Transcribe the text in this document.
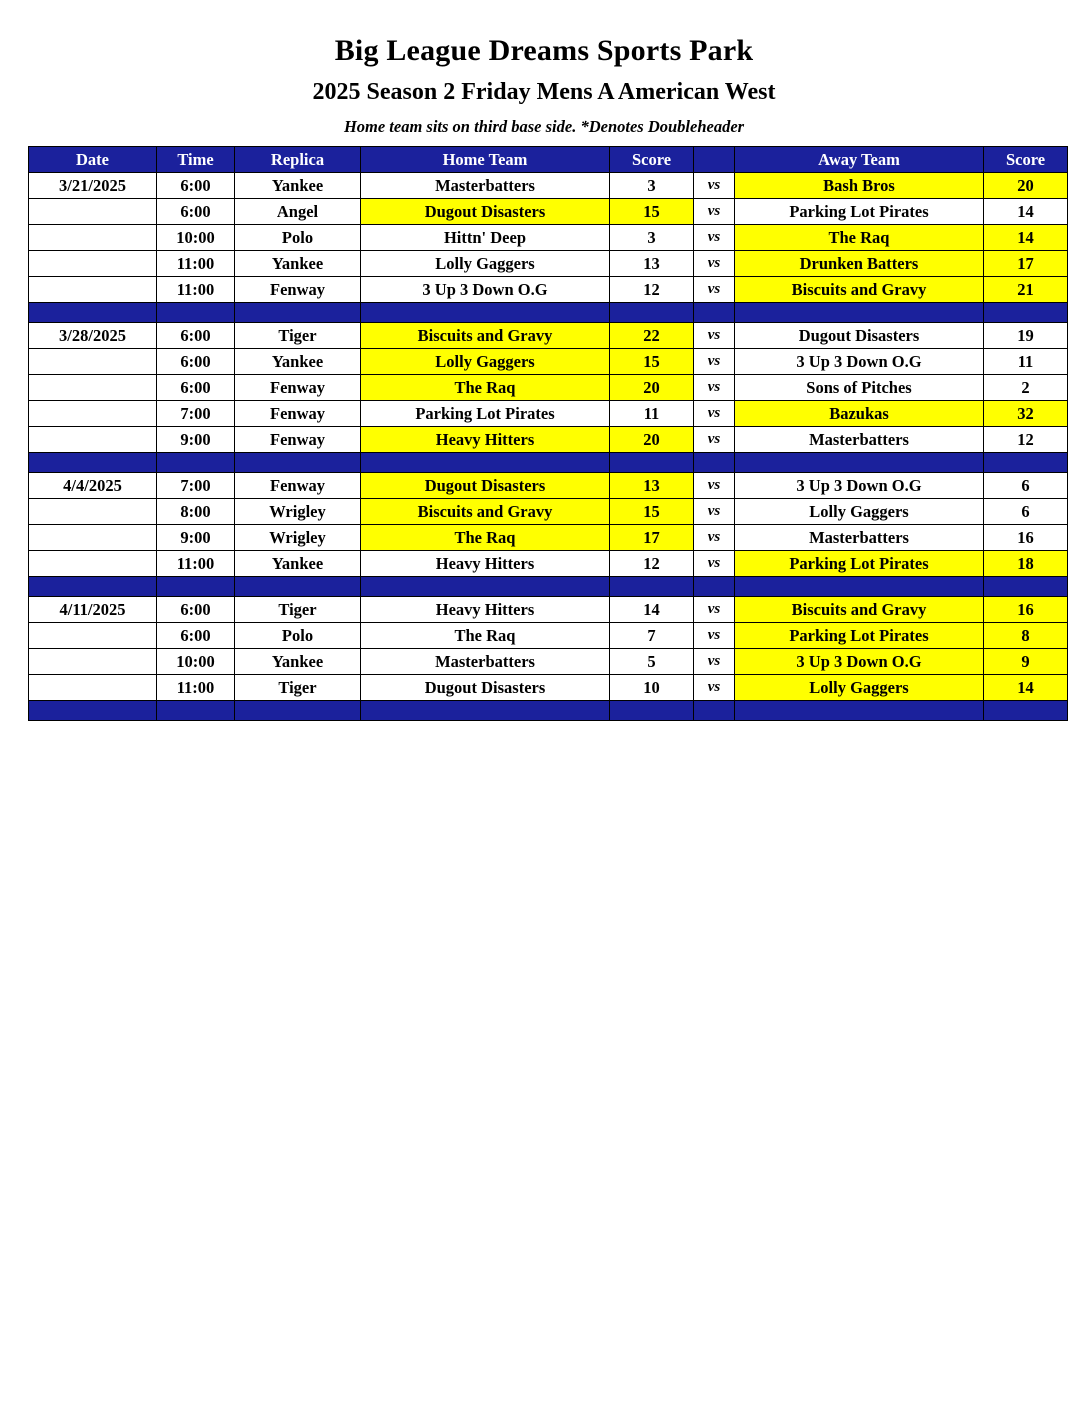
Big League Dreams Sports Park
2025 Season 2 Friday Mens A American West
Home team sits on third base side. *Denotes Doubleheader
Date	Time	Replica	Home Team	Score		Away Team	Score
3/21/2025	6:00	Yankee	Masterbatters	3	vs	Bash Bros	20
	6:00	Angel	Dugout Disasters	15	vs	Parking Lot Pirates	14
	10:00	Polo	Hittn' Deep	3	vs	The Raq	14
	11:00	Yankee	Lolly Gaggers	13	vs	Drunken Batters	17
	11:00	Fenway	3 Up 3 Down O.G	12	vs	Biscuits and Gravy	21

3/28/2025	6:00	Tiger	Biscuits and Gravy	22	vs	Dugout Disasters	19
	6:00	Yankee	Lolly Gaggers	15	vs	3 Up 3 Down O.G	11
	6:00	Fenway	The Raq	20	vs	Sons of Pitches	2
	7:00	Fenway	Parking Lot Pirates	11	vs	Bazukas	32
	9:00	Fenway	Heavy Hitters	20	vs	Masterbatters	12

4/4/2025	7:00	Fenway	Dugout Disasters	13	vs	3 Up 3 Down O.G	6
	8:00	Wrigley	Biscuits and Gravy	15	vs	Lolly Gaggers	6
	9:00	Wrigley	The Raq	17	vs	Masterbatters	16
	11:00	Yankee	Heavy Hitters	12	vs	Parking Lot Pirates	18

4/11/2025	6:00	Tiger	Heavy Hitters	14	vs	Biscuits and Gravy	16
	6:00	Polo	The Raq	7	vs	Parking Lot Pirates	8
	10:00	Yankee	Masterbatters	5	vs	3 Up 3 Down O.G	9
	11:00	Tiger	Dugout Disasters	10	vs	Lolly Gaggers	14
